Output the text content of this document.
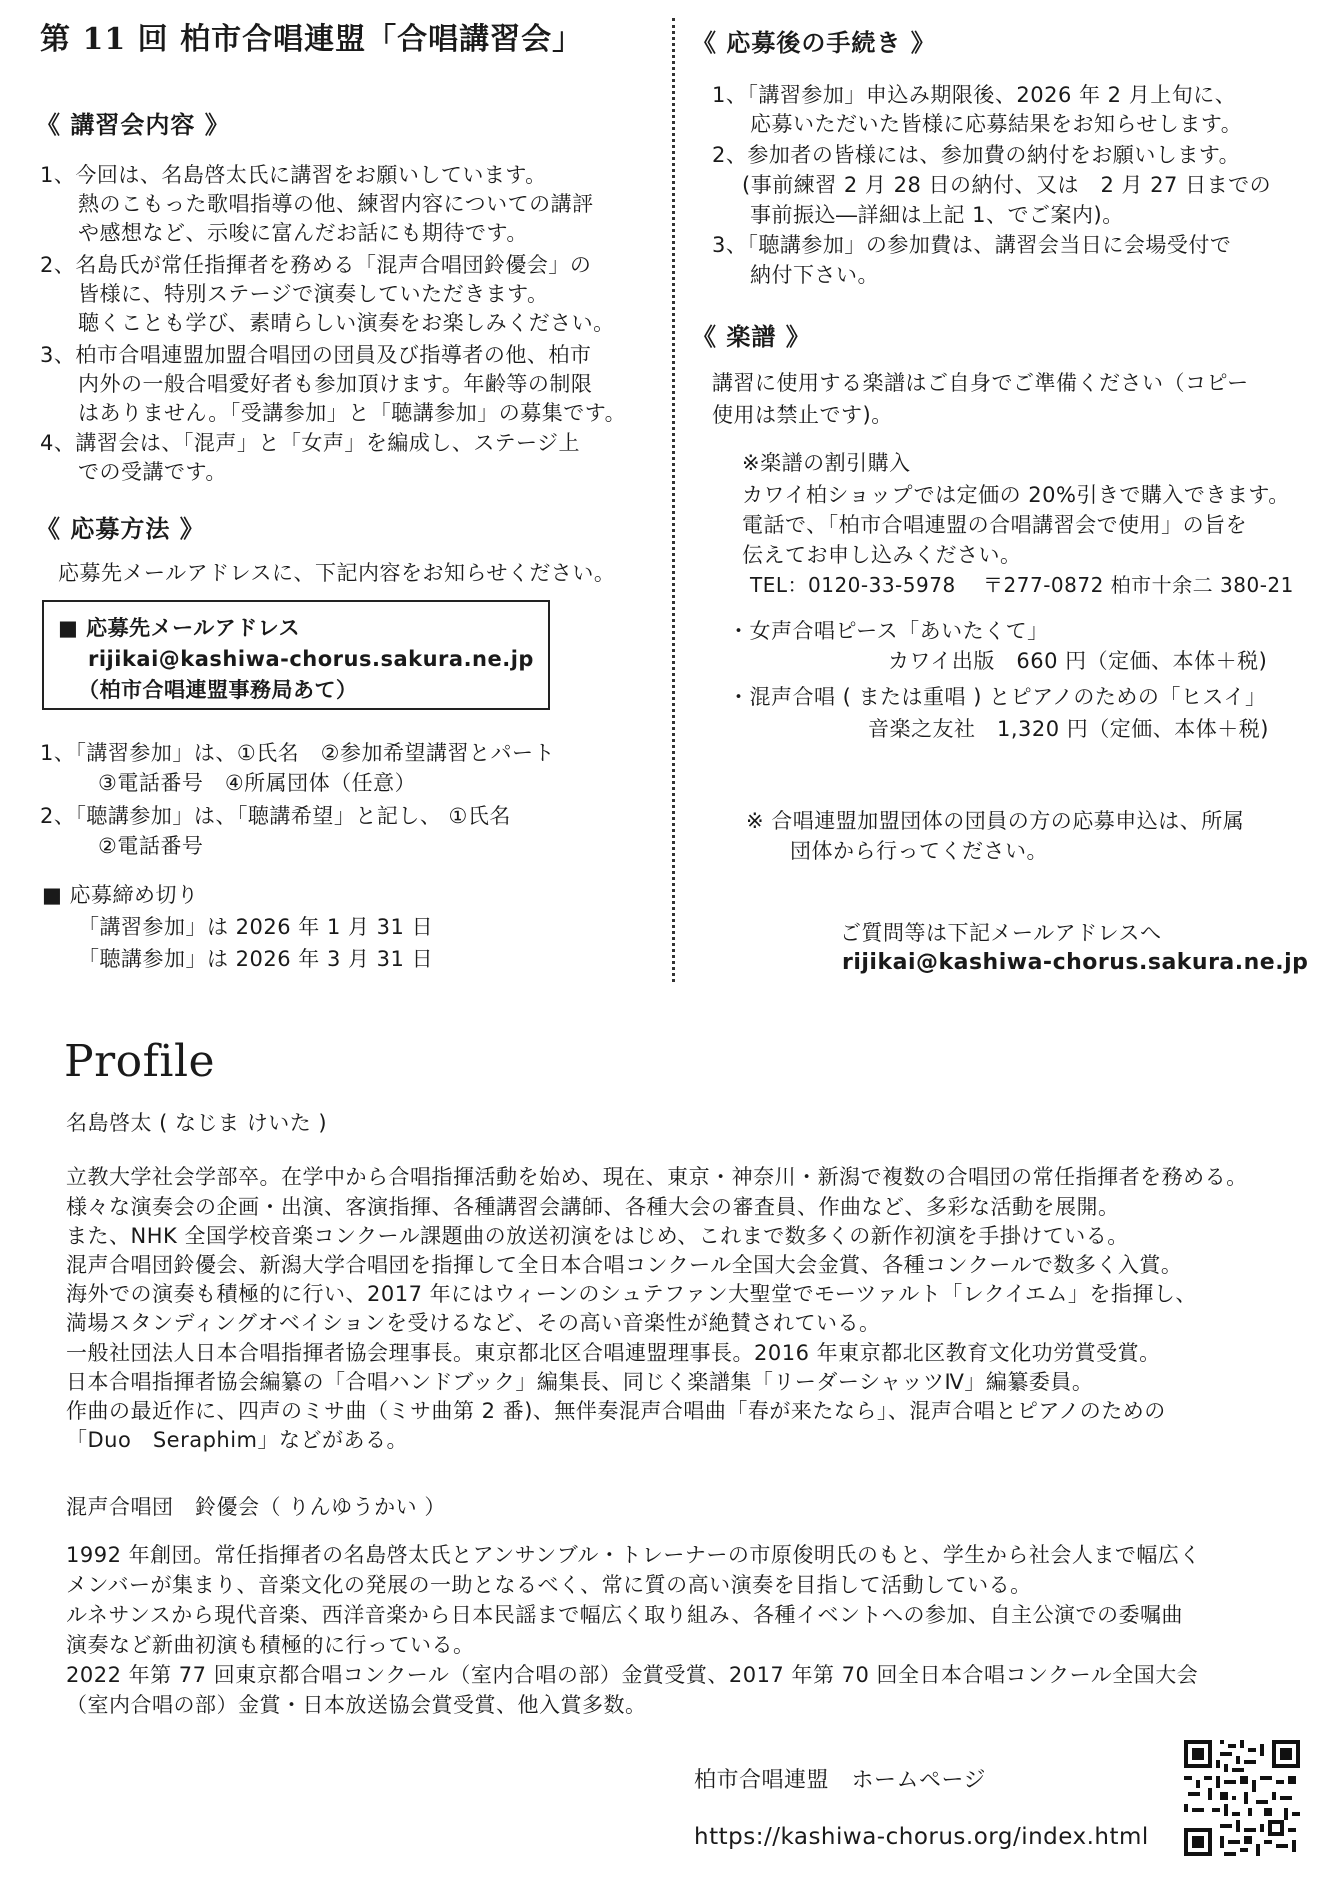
第 11 回 柏市合唱連盟「合唱講習会」
《 講習会内容 》
1、今回は、名島啓太氏に講習をお願いしています。
熱のこもった歌唱指導の他、練習内容についての講評
や感想など、示唆に富んだお話にも期待です。
2、名島氏が常任指揮者を務める「混声合唱団鈴優会」の
皆様に、特別ステージで演奏していただきます。
聴くことも学び、素晴らしい演奏をお楽しみください。
3、柏市合唱連盟加盟合唱団の団員及び指導者の他、柏市
内外の一般合唱愛好者も参加頂けます。年齢等の制限
はありません。「受講参加」と「聴講参加」の募集です。
4、講習会は、「混声」と「女声」を編成し、ステージ上
での受講です。
《 応募方法 》
応募先メールアドレスに、下記内容をお知らせください。
■ 応募先メールアドレス
rijikai@kashiwa-chorus.sakura.ne.jp
（柏市合唱連盟事務局あて）
1、「講習参加」は、①氏名　②参加希望講習とパート
③電話番号　④所属団体（任意）
2、「聴講参加」は、「聴講希望」と記し、 ①氏名
②電話番号
■ 応募締め切り
「講習参加」は 2026 年 1 月 31 日
「聴講参加」は 2026 年 3 月 31 日
《 応募後の手続き 》
1、「講習参加」申込み期限後、2026 年 2 月上旬に、
応募いただいた皆様に応募結果をお知らせします。
2、参加者の皆様には、参加費の納付をお願いします。
(事前練習 2 月 28 日の納付、又は　2 月 27 日までの
事前振込―詳細は上記 1、でご案内)。
3、「聴講参加」の参加費は、講習会当日に会場受付で
納付下さい。
《 楽譜 》
講習に使用する楽譜はご自身でご準備ください（コピー
使用は禁止です)。
※楽譜の割引購入
カワイ柏ショップでは定価の 20%引きで購入できます。
電話で、「柏市合唱連盟の合唱講習会で使用」の旨を
伝えてお申し込みください。
TEL：0120-33-5978　 〒277-0872 柏市十余二 380-21
・女声合唱ピース「あいたくて」
カワイ出版　660 円（定価、本体＋税)
・混声合唱 ( または重唱 ) とピアノのための「ヒスイ」
音楽之友社　1,320 円（定価、本体＋税)
※ 合唱連盟加盟団体の団員の方の応募申込は、所属
団体から行ってください。
ご質問等は下記メールアドレスへ
rijikai@kashiwa-chorus.sakura.ne.jp
Profile
名島啓太 ( なじま けいた )
立教大学社会学部卒。在学中から合唱指揮活動を始め、現在、東京・神奈川・新潟で複数の合唱団の常任指揮者を務める。
様々な演奏会の企画・出演、客演指揮、各種講習会講師、各種大会の審査員、作曲など、多彩な活動を展開。
また、NHK 全国学校音楽コンクール課題曲の放送初演をはじめ、これまで数多くの新作初演を手掛けている。
混声合唱団鈴優会、新潟大学合唱団を指揮して全日本合唱コンクール全国大会金賞、各種コンクールで数多く入賞。
海外での演奏も積極的に行い、2017 年にはウィーンのシュテファン大聖堂でモーツァルト「レクイエム」を指揮し、
満場スタンディングオベイションを受けるなど、その高い音楽性が絶賛されている。
一般社団法人日本合唱指揮者協会理事長。東京都北区合唱連盟理事長。2016 年東京都北区教育文化功労賞受賞。
日本合唱指揮者協会編纂の「合唱ハンドブック」編集長、同じく楽譜集「リーダーシャッツⅣ」編纂委員。
作曲の最近作に、四声のミサ曲（ミサ曲第 2 番)、無伴奏混声合唱曲「春が来たなら」、混声合唱とピアノのための
「Duo　Seraphim」などがある。
混声合唱団　鈴優会（ りんゆうかい ）
1992 年創団。常任指揮者の名島啓太氏とアンサンブル・トレーナーの市原俊明氏のもと、学生から社会人まで幅広く
メンバーが集まり、音楽文化の発展の一助となるべく、常に質の高い演奏を目指して活動している。
ルネサンスから現代音楽、西洋音楽から日本民謡まで幅広く取り組み、各種イベントへの参加、自主公演での委嘱曲
演奏など新曲初演も積極的に行っている。
2022 年第 77 回東京都合唱コンクール（室内合唱の部）金賞受賞、2017 年第 70 回全日本合唱コンクール全国大会
（室内合唱の部）金賞・日本放送協会賞受賞、他入賞多数。
柏市合唱連盟　ホームページ
https://kashiwa-chorus.org/index.html
